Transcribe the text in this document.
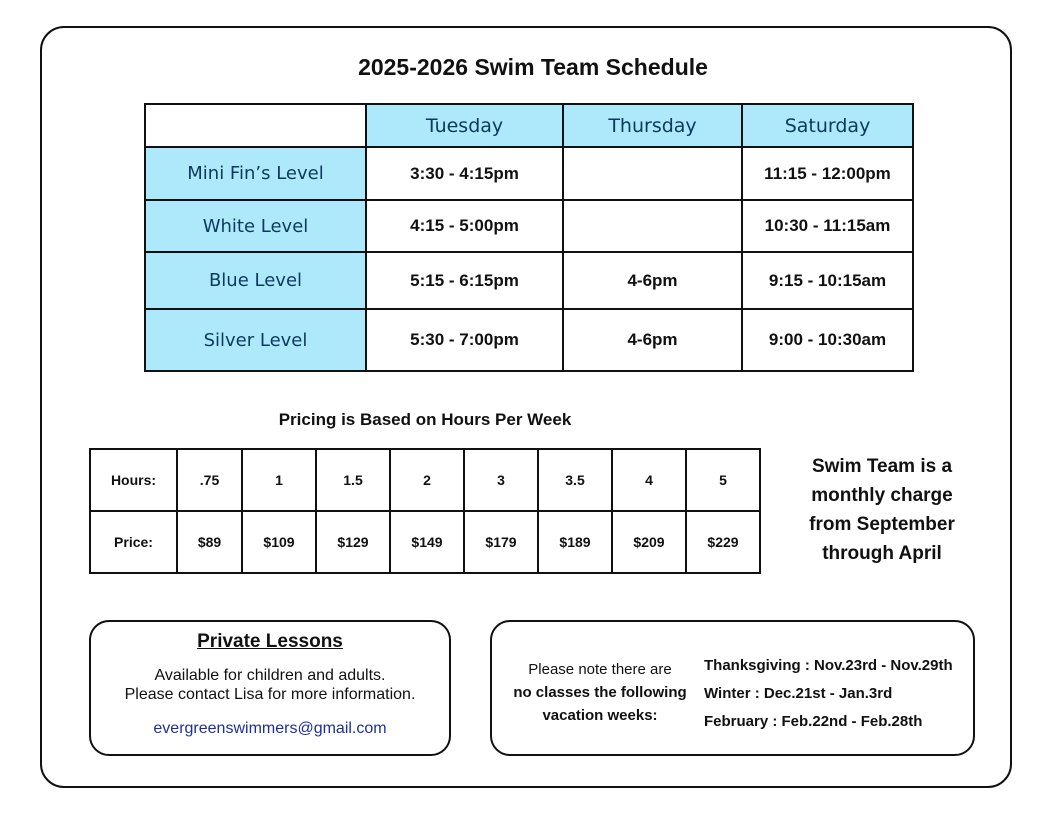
2025-2026 Swim Team Schedule
	Tuesday	Thursday	Saturday
Mini Fin’s Level	3:30 - 4:15pm		11:15 - 12:00pm
White Level	4:15 - 5:00pm		10:30 - 11:15am
Blue Level	5:15 - 6:15pm	4-6pm	9:15 - 10:15am
Silver Level	5:30 - 7:00pm	4-6pm	9:00 - 10:30am
Pricing is Based on Hours Per Week
Hours:	.75	1	1.5	2	3	3.5	4	5
Price:	$89	$109	$129	$149	$179	$189	$209	$229
Swim Team is a
monthly charge
from September
through April
Private Lessons
Available for children and adults.
Please contact Lisa for more information.
evergreenswimmers@gmail.com
Please note there are
no classes the following
vacation weeks:
Thanksgiving : Nov.23rd - Nov.29th
Winter : Dec.21st - Jan.3rd
February : Feb.22nd - Feb.28th
